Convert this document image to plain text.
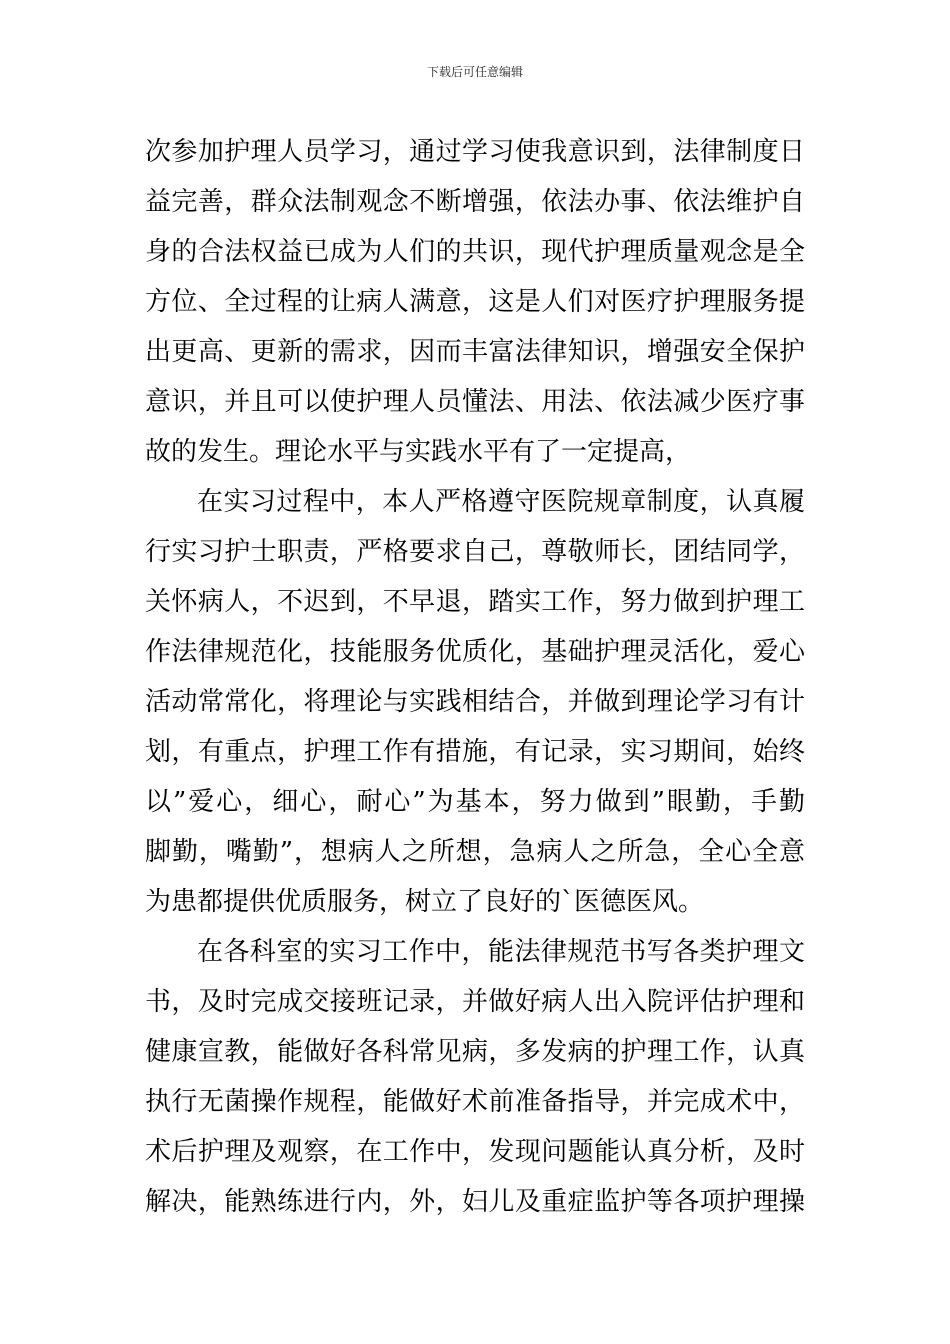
下载后可任意编辑
次参加护理人员学习，通过学习使我意识到，法律制度日
益完善，群众法制观念不断增强，依法办事、依法维护自
身的合法权益已成为人们的共识，现代护理质量观念是全
方位、全过程的让病人满意，这是人们对医疗护理服务提
出更高、更新的需求，因而丰富法律知识，增强安全保护
意识，并且可以使护理人员懂法、用法、依法减少医疗事
故的发生。理论水平与实践水平有了一定提高，
在实习过程中，本人严格遵守医院规章制度，认真履
行实习护士职责，严格要求自己，尊敬师长，团结同学，
关怀病人，不迟到，不早退，踏实工作，努力做到护理工
作法律规范化，技能服务优质化，基础护理灵活化，爱心
活动常常化，将理论与实践相结合，并做到理论学习有计
划，有重点，护理工作有措施，有记录，实习期间，始终
以”爱心，细心，耐心”为基本，努力做到”眼勤，手勤
脚勤，嘴勤”，想病人之所想，急病人之所急，全心全意
为患都提供优质服务，树立了良好的`医德医风。
在各科室的实习工作中，能法律规范书写各类护理文
书，及时完成交接班记录，并做好病人出入院评估护理和
健康宣教，能做好各科常见病，多发病的护理工作，认真
执行无菌操作规程，能做好术前准备指导，并完成术中，
术后护理及观察，在工作中，发现问题能认真分析，及时
解决，能熟练进行内，外，妇儿及重症监护等各项护理操
